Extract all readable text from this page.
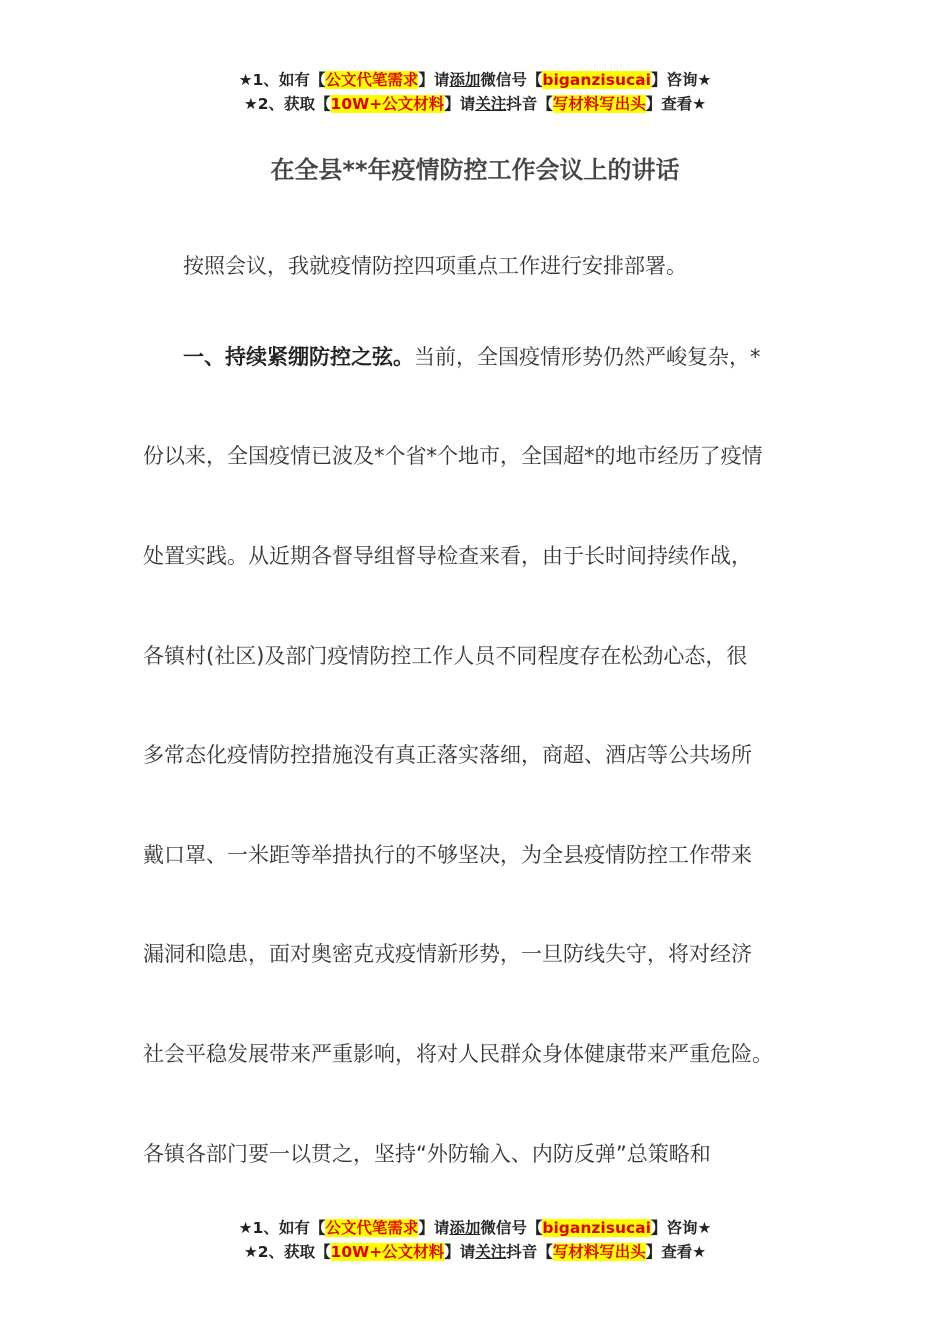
★1、如有【公文代笔需求】请添加微信号【biganzisucai】咨询★
★2、获取【10W+公文材料】请关注抖音【写材料写出头】查看★
在全县**年疫情防控工作会议上的讲话
按照会议，我就疫情防控四项重点工作进行安排部署。
一、持续紧绷防控之弦。当前，全国疫情形势仍然严峻复杂，*
份以来，全国疫情已波及*个省*个地市，全国超*的地市经历了疫情
处置实践。从近期各督导组督导检查来看，由于长时间持续作战，
各镇村(社区)及部门疫情防控工作人员不同程度存在松劲心态，很
多常态化疫情防控措施没有真正落实落细，商超、酒店等公共场所
戴口罩、一米距等举措执行的不够坚决，为全县疫情防控工作带来
漏洞和隐患，面对奥密克戎疫情新形势，一旦防线失守，将对经济
社会平稳发展带来严重影响，将对人民群众身体健康带来严重危险。
各镇各部门要一以贯之，坚持“外防输入、内防反弹”总策略和
★1、如有【公文代笔需求】请添加微信号【biganzisucai】咨询★
★2、获取【10W+公文材料】请关注抖音【写材料写出头】查看★
